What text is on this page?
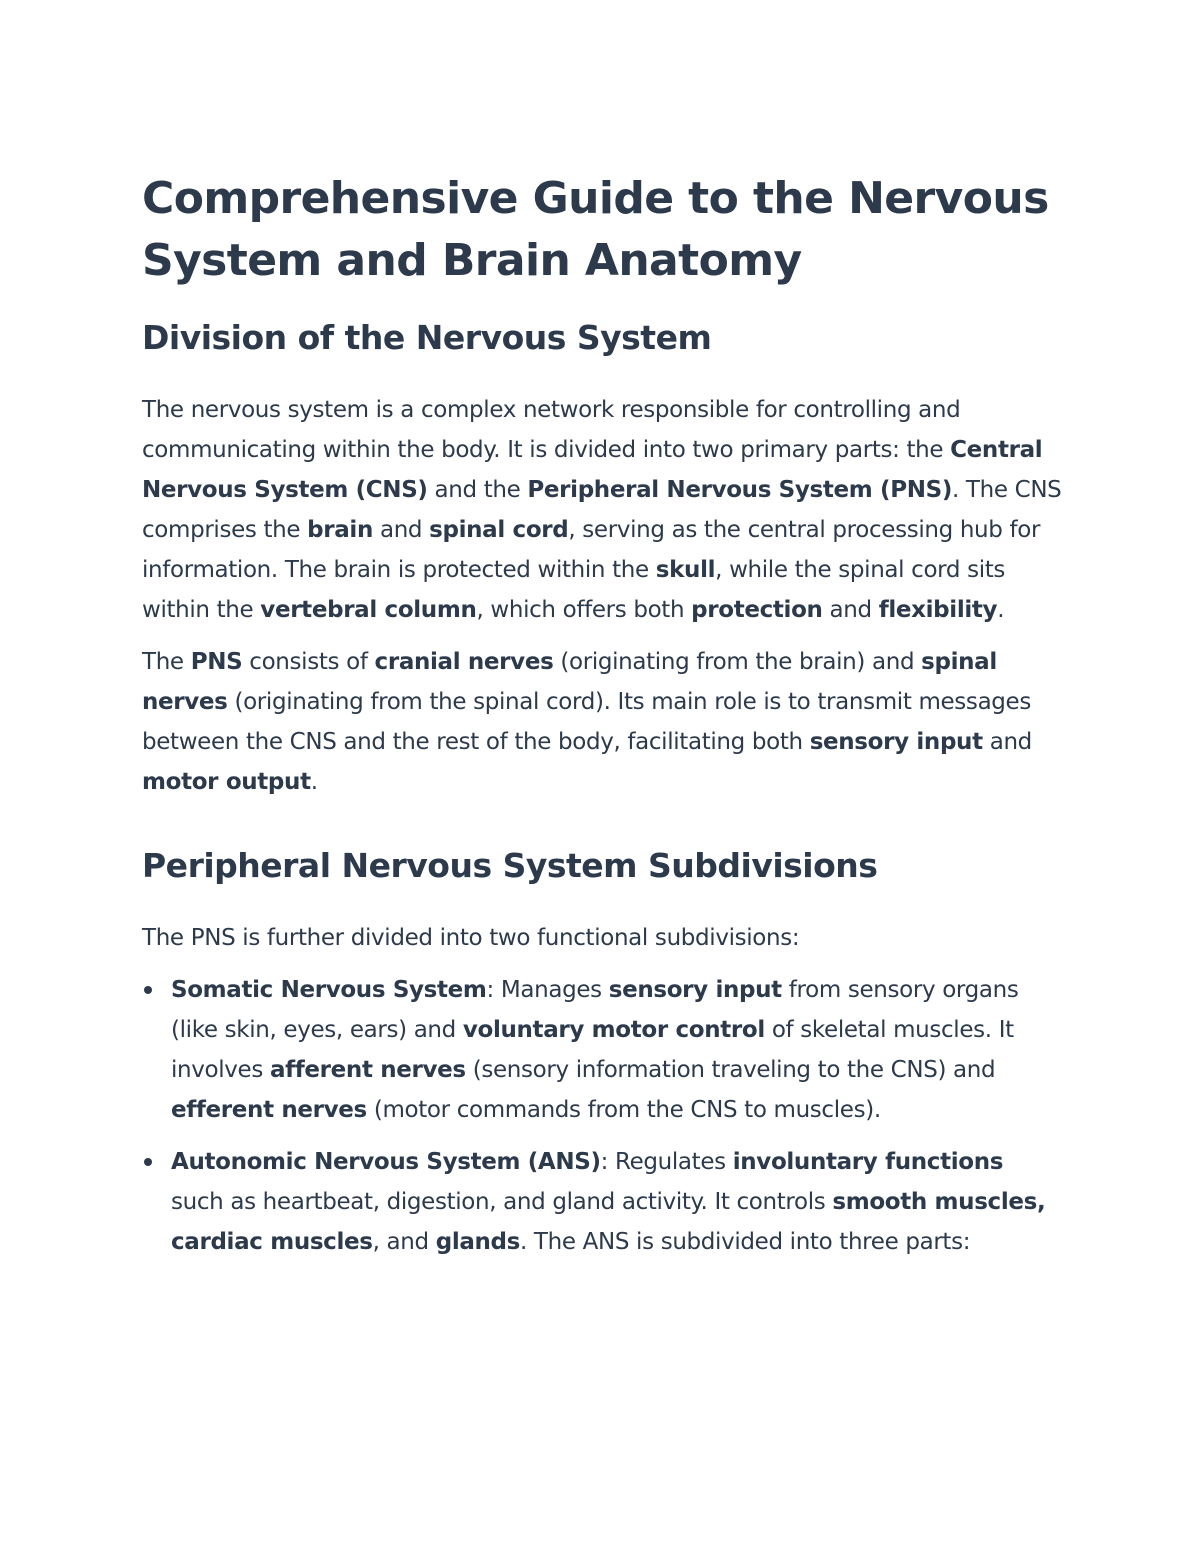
Comprehensive Guide to the Nervous System and Brain Anatomy
Division of the Nervous System

The nervous system is a complex network responsible for controlling and communicating within the body. It is divided into two primary parts: the Central Nervous System (CNS) and the Peripheral Nervous System (PNS). The CNS comprises the brain and spinal cord, serving as the central processing hub for information. The brain is protected within the skull, while the spinal cord sits within the vertebral column, which offers both protection and flexibility.

The PNS consists of cranial nerves (originating from the brain) and spinal nerves (originating from the spinal cord). Its main role is to transmit messages between the CNS and the rest of the body, facilitating both sensory input and motor output.

Peripheral Nervous System Subdivisions

The PNS is further divided into two functional subdivisions:

Somatic Nervous System: Manages sensory input from sensory organs (like skin, eyes, ears) and voluntary motor control of skeletal muscles. It involves afferent nerves (sensory information traveling to the CNS) and efferent nerves (motor commands from the CNS to muscles).
Autonomic Nervous System (ANS): Regulates involuntary functions such as heartbeat, digestion, and gland activity. It controls smooth muscles, cardiac muscles, and glands. The ANS is subdivided into three parts:
